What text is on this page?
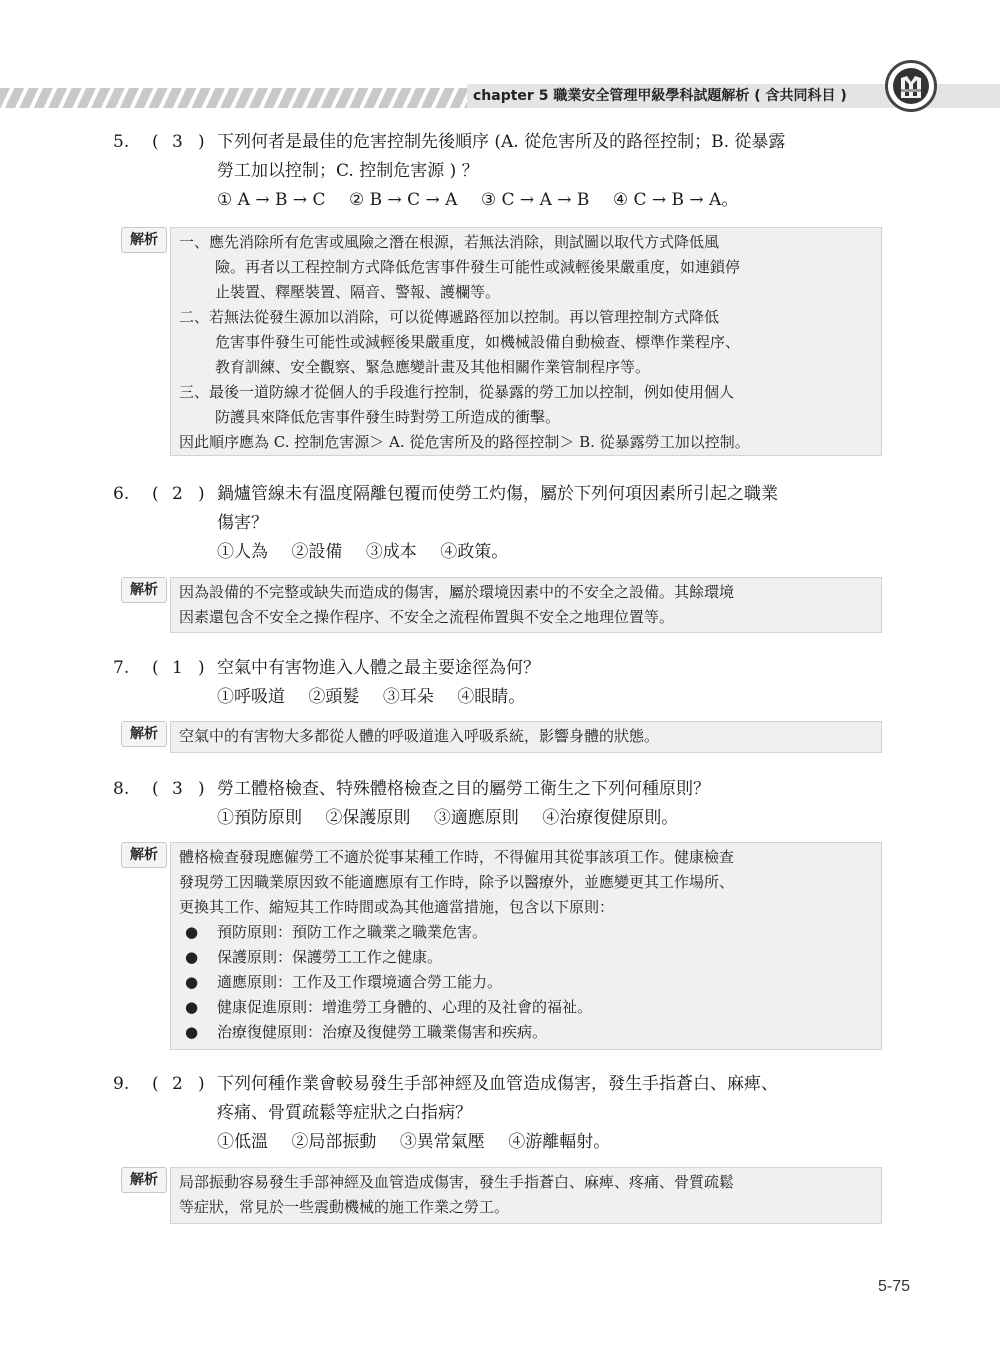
chapter 5 職業安全管理甲級學科試題解析 ( 含共同科目 )
5. ( 3 ) 下列何者是最佳的危害控制先後順序 (A. 從危害所及的路徑控制；B. 從暴露
勞工加以控制；C. 控制危害源 ) ？
① A → B → C ② B → C → A ③ C → A → B ④ C → B → A。
解析	一、應先消除所有危害或風險之潛在根源，若無法消除，則試圖以取代方式降低風
險。再者以工程控制方式降低危害事件發生可能性或減輕後果嚴重度，如連鎖停
止裝置、釋壓裝置、隔音、警報、護欄等。
二、若無法從發生源加以消除，可以從傳遞路徑加以控制。再以管理控制方式降低
危害事件發生可能性或減輕後果嚴重度，如機械設備自動檢查、標準作業程序、
教育訓練、安全觀察、緊急應變計畫及其他相關作業管制程序等。
三、最後一道防線才從個人的手段進行控制，從暴露的勞工加以控制，例如使用個人
防護具來降低危害事件發生時對勞工所造成的衝擊。
因此順序應為 C. 控制危害源＞ A. 從危害所及的路徑控制＞ B. 從暴露勞工加以控制。
6. ( 2 ) 鍋爐管線未有溫度隔離包覆而使勞工灼傷，屬於下列何項因素所引起之職業
傷害？
①人為 ②設備 ③成本 ④政策。
解析	因為設備的不完整或缺失而造成的傷害，屬於環境因素中的不安全之設備。其餘環境
因素還包含不安全之操作程序、不安全之流程佈置與不安全之地理位置等。
7. ( 1 ) 空氣中有害物進入人體之最主要途徑為何？
①呼吸道 ②頭髮 ③耳朵 ④眼睛。
解析	空氣中的有害物大多都從人體的呼吸道進入呼吸系統，影響身體的狀態。
8. ( 3 ) 勞工體格檢查、特殊體格檢查之目的屬勞工衛生之下列何種原則？
①預防原則 ②保護原則 ③適應原則 ④治療復健原則。
解析	體格檢查發現應僱勞工不適於從事某種工作時，不得僱用其從事該項工作。健康檢查
發現勞工因職業原因致不能適應原有工作時，除予以醫療外，並應變更其工作場所、
更換其工作、縮短其工作時間或為其他適當措施，包含以下原則：
● 預防原則：預防工作之職業之職業危害。
● 保護原則：保護勞工工作之健康。
● 適應原則：工作及工作環境適合勞工能力。
● 健康促進原則：增進勞工身體的、心理的及社會的福祉。
● 治療復健原則：治療及復健勞工職業傷害和疾病。
9. ( 2 ) 下列何種作業會較易發生手部神經及血管造成傷害，發生手指蒼白、麻痺、
疼痛、骨質疏鬆等症狀之白指病？
①低溫 ②局部振動 ③異常氣壓 ④游離輻射。
解析	局部振動容易發生手部神經及血管造成傷害，發生手指蒼白、麻痺、疼痛、骨質疏鬆
等症狀，常見於一些震動機械的施工作業之勞工。
5-75
